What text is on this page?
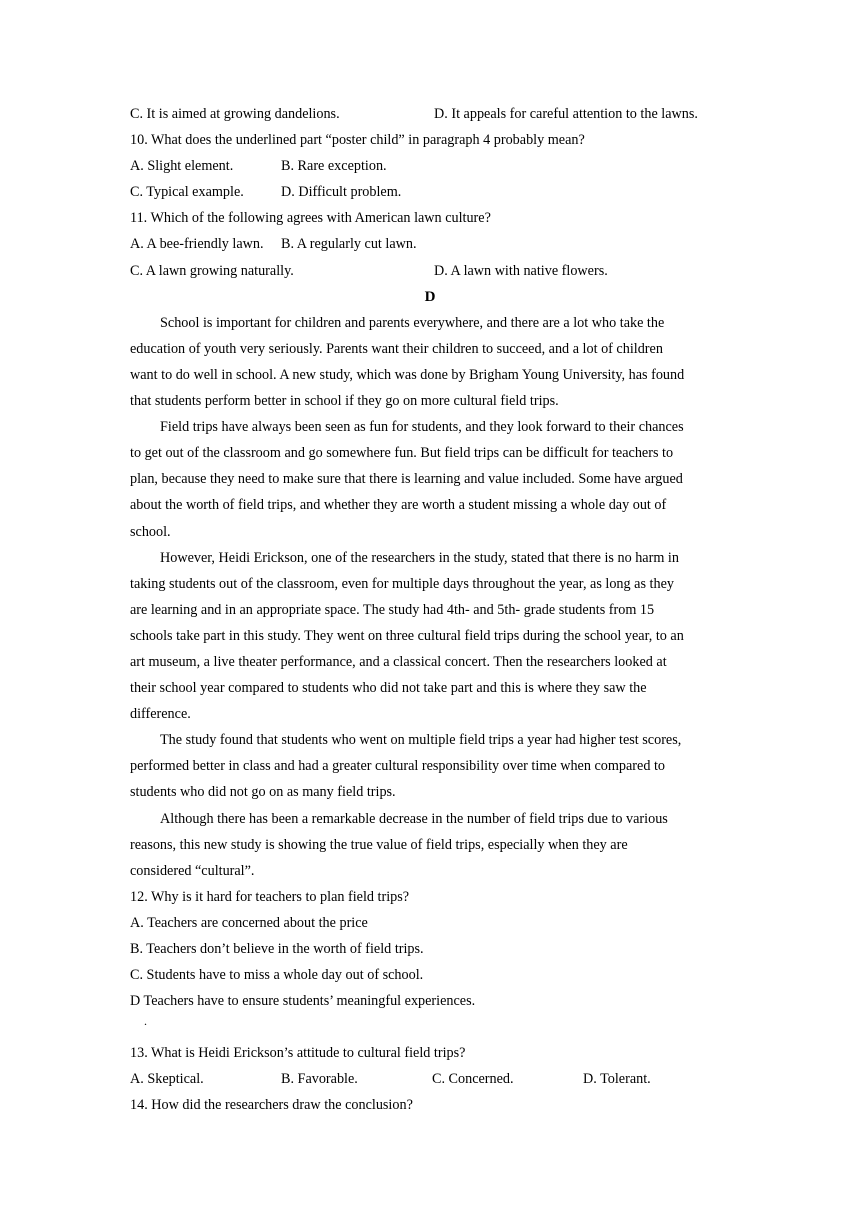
C. It is aimed at growing dandelions.	D. It appeals for careful attention to the lawns.
10. What does the underlined part “poster child” in paragraph 4 probably mean?
A. Slight element.	B. Rare exception.
C. Typical example.	D. Difficult problem.
11. Which of the following agrees with American lawn culture?
A. A bee-friendly lawn. B. A regularly cut lawn.
C. A lawn growing naturally.	D. A lawn with native flowers.
D
School is important for children and parents everywhere, and there are a lot who take the
education of youth very seriously. Parents want their children to succeed, and a lot of children
want to do well in school. A new study, which was done by Brigham Young University, has found
that students perform better in school if they go on more cultural field trips.
Field trips have always been seen as fun for students, and they look forward to their chances
to get out of the classroom and go somewhere fun. But field trips can be difficult for teachers to
plan, because they need to make sure that there is learning and value included. Some have argued
about the worth of field trips, and whether they are worth a student missing a whole day out of
school.
However, Heidi Erickson, one of the researchers in the study, stated that there is no harm in
taking students out of the classroom, even for multiple days throughout the year, as long as they
are learning and in an appropriate space. The study had 4th- and 5th- grade students from 15
schools take part in this study. They went on three cultural field trips during the school year, to an
art museum, a live theater performance, and a classical concert. Then the researchers looked at
their school year compared to students who did not take part and this is where they saw the
difference.
The study found that students who went on multiple field trips a year had higher test scores,
performed better in class and had a greater cultural responsibility over time when compared to
students who did not go on as many field trips.
Although there has been a remarkable decrease in the number of field trips due to various
reasons, this new study is showing the true value of field trips, especially when they are
considered “cultural”.
12. Why is it hard for teachers to plan field trips?
A. Teachers are concerned about the price
B. Teachers don’t believe in the worth of field trips.
C. Students have to miss a whole day out of school.
D Teachers have to ensure students’ meaningful experiences.
.
13. What is Heidi Erickson’s attitude to cultural field trips?
A. Skeptical.	B. Favorable.	C. Concerned.	D. Tolerant.
14. How did the researchers draw the conclusion?
